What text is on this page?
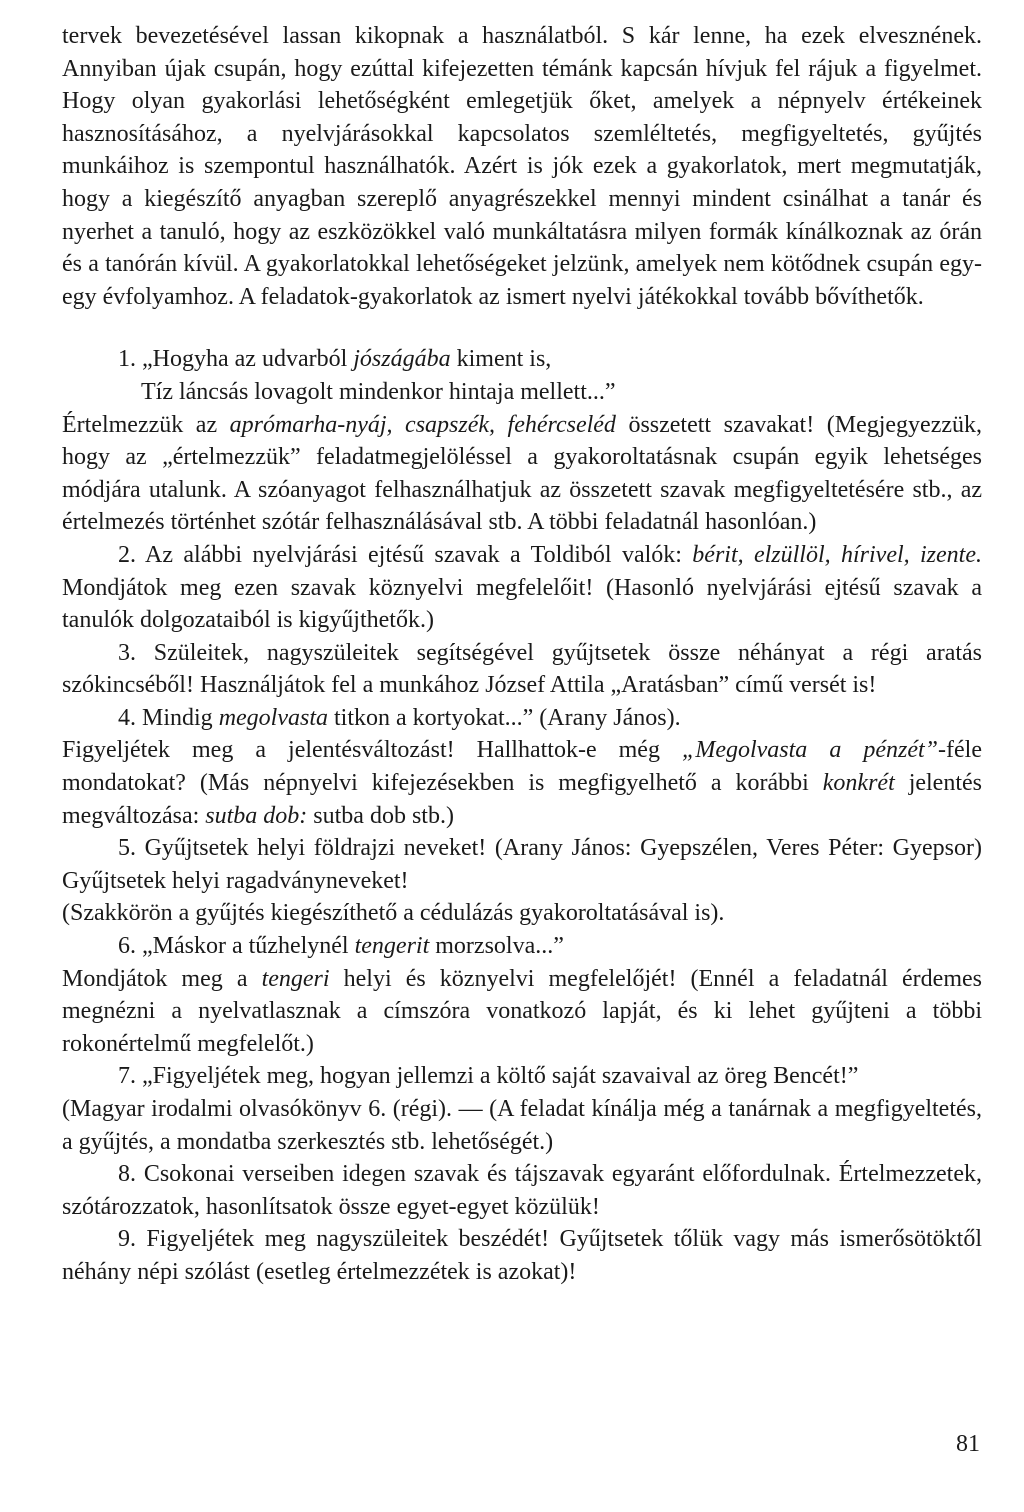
tervek bevezetésével lassan kikopnak a használatból. S kár lenne, ha ezek elvesznének. Annyiban újak csupán, hogy ezúttal kifejezetten témánk kapcsán hívjuk fel rájuk a figyelmet. Hogy olyan gyakorlási lehetőségként emlegetjük őket, amelyek a népnyelv értékeinek hasznosításához, a nyelvjárásokkal kapcsolatos szemléltetés, megfigyeltetés, gyűjtés munkáihoz is szempontul használhatók. Azért is jók ezek a gyakorlatok, mert megmutatják, hogy a kiegészítő anyagban szereplő anyagrészekkel mennyi mindent csinálhat a tanár és nyerhet a tanuló, hogy az eszközökkel való munkáltatásra milyen formák kínálkoznak az órán és a tanórán kívül. A gyakorlatokkal lehetőségeket jelzünk, amelyek nem kötődnek csupán egy-egy évfolyamhoz. A feladatok-gyakorlatok az ismert nyelvi játékokkal tovább bővíthetők.

1. „Hogyha az udvarból jószágába kiment is,

Tíz láncsás lovagolt mindenkor hintaja mellett...”

Értelmezzük az aprómarha-nyáj, csapszék, fehércseléd összetett szavakat! (Megjegyezzük, hogy az „értelmezzük” feladatmegjelöléssel a gyakoroltatásnak csupán egyik lehetséges módjára utalunk. A szóanyagot felhasználhatjuk az összetett szavak megfigyeltetésére stb., az értelmezés történhet szótár felhasználásával stb. A többi feladatnál hasonlóan.)

2. Az alábbi nyelvjárási ejtésű szavak a Toldiból valók: bérit, elzüllöl, hírivel, izente. Mondjátok meg ezen szavak köznyelvi megfelelőit! (Hasonló nyelvjárási ejtésű szavak a tanulók dolgozataiból is kigyűjthetők.)

3. Szüleitek, nagyszüleitek segítségével gyűjtsetek össze néhányat a régi aratás szókincséből! Használjátok fel a munkához József Attila „Aratásban” című versét is!

4. Mindig megolvasta titkon a kortyokat...” (Arany János).

Figyeljétek meg a jelentésváltozást! Hallhattok-e még „Megolvasta a pénzét”-féle mondatokat? (Más népnyelvi kifejezésekben is megfigyelhető a korábbi konkrét jelentés megváltozása: sutba dob: sutba dob stb.)

5. Gyűjtsetek helyi földrajzi neveket! (Arany János: Gyepszélen, Veres Péter: Gyepsor) Gyűjtsetek helyi ragadványneveket!

(Szakkörön a gyűjtés kiegészíthető a cédulázás gyakoroltatásával is).

6. „Máskor a tűzhelynél tengerit morzsolva...”

Mondjátok meg a tengeri helyi és köznyelvi megfelelőjét! (Ennél a feladatnál érdemes megnézni a nyelvatlasznak a címszóra vonatkozó lapját, és ki lehet gyűjteni a többi rokonértelmű megfelelőt.)

7. „Figyeljétek meg, hogyan jellemzi a költő saját szavaival az öreg Bencét!”

(Magyar irodalmi olvasókönyv 6. (régi). — (A feladat kínálja még a tanárnak a megfigyeltetés, a gyűjtés, a mondatba szerkesztés stb. lehetőségét.)

8. Csokonai verseiben idegen szavak és tájszavak egyaránt előfordulnak. Értelmezzetek, szótározzatok, hasonlítsatok össze egyet-egyet közülük!

9. Figyeljétek meg nagyszüleitek beszédét! Gyűjtsetek tőlük vagy más ismerősötöktől néhány népi szólást (esetleg értelmezzétek is azokat)!

81
